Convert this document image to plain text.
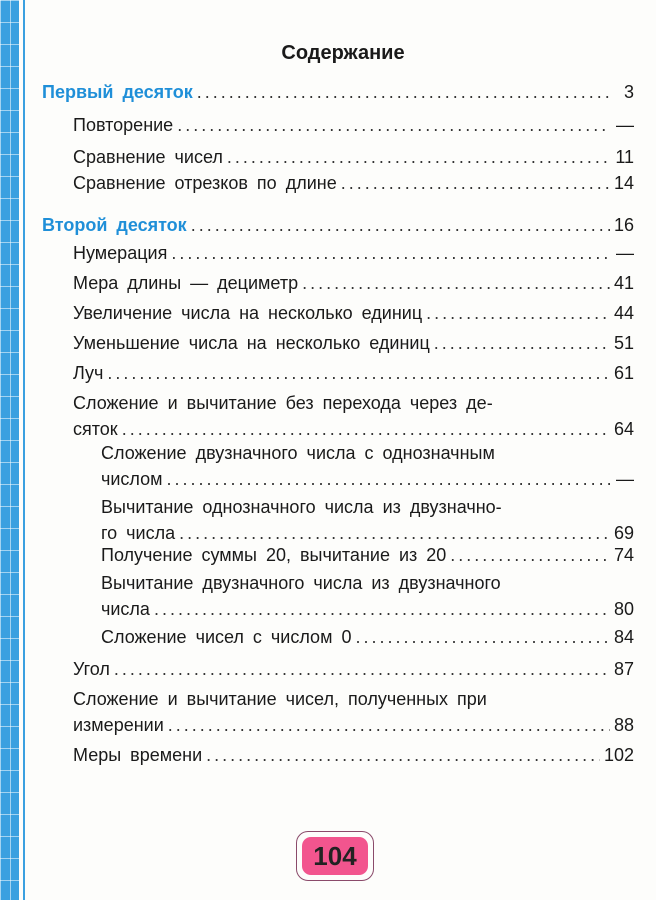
Содержание
Первый десяток .....	3
Повторение .....	—
Сравнение чисел .....	11
Сравнение отрезков по длине .....	14
Второй десяток .....	16
Нумерация .....	—
Мера длины — дециметр .....	41
Увеличение числа на несколько единиц .....	44
Уменьшение числа на несколько единиц .....	51
Луч .....	61
Сложение и вычитание без перехода через де-
сяток .....	64
Сложение двузначного числа с однозначным
числом .....	—
Вычитание однозначного числа из двузначно-
го числа .....	69
Получение суммы 20, вычитание из 20 .....	74
Вычитание двузначного числа из двузначного
числа .....	80
Сложение чисел с числом 0 .....	84
Угол .....	87
Сложение и вычитание чисел, полученных при
измерении .....	88
Меры времени .....	102
104
